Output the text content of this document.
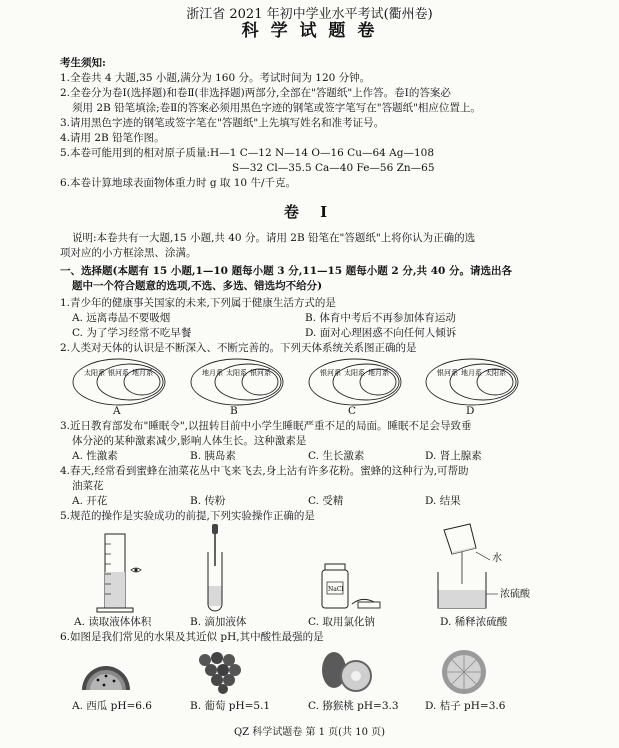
浙江省 2021 年初中学业水平考试(衢州卷)
科 学 试 题 卷
考生须知:
1.全卷共 4 大题,35 小题,满分为 160 分。考试时间为 120 分钟。
2.全卷分为卷Ⅰ(选择题)和卷Ⅱ(非选择题)两部分,全部在"答题纸"上作答。卷Ⅰ的答案必
须用 2B 铅笔填涂;卷Ⅱ的答案必须用黑色字迹的钢笔或签字笔写在"答题纸"相应位置上。
3.请用黑色字迹的钢笔或签字笔在"答题纸"上先填写姓名和准考证号。
4.请用 2B 铅笔作图。
5.本卷可能用到的相对原子质量:H—1 C—12 N—14 O—16 Cu—64 Ag—108
S—32 Cl—35.5 Ca—40 Fe—56 Zn—65
6.本卷计算地球表面物体重力时 g 取 10 牛/千克。
卷 Ⅰ
说明:本卷共有一大题,15 小题,共 40 分。请用 2B 铅笔在"答题纸"上将你认为正确的选
项对应的小方框涂黑、涂满。
一、选择题(本题有 15 小题,1—10 题每小题 3 分,11—15 题每小题 2 分,共 40 分。请选出各
题中一个符合题意的选项,不选、多选、错选均不给分)
1.青少年的健康事关国家的未来,下列属于健康生活方式的是
A. 远离毒品不要吸烟	B. 体育中考后不再参加体育运动
C. 为了学习经常不吃早餐	D. 面对心理困惑不向任何人倾诉
2.人类对天体的认识是不断深入、不断完善的。下列天体系统关系图正确的是
太阳系 银河系 地月系	地月系 太阳系 银河系	银河系 太阳系 地月系	银河系 地月系 太阳系
A	B	C	D
3.近日教育部发布"睡眠令",以扭转目前中小学生睡眠严重不足的局面。睡眠不足会导致垂
体分泌的某种激素减少,影响人体生长。这种激素是
A. 性激素	B. 胰岛素	C. 生长激素	D. 肾上腺素
4.春天,经常看到蜜蜂在油菜花丛中飞来飞去,身上沾有许多花粉。蜜蜂的这种行为,可帮助
油菜花
A. 开花	B. 传粉	C. 受精	D. 结果
5.规范的操作是实验成功的前提,下列实验操作正确的是
NaCl
水
浓硫酸
A. 读取液体体积	B. 滴加液体	C. 取用氯化钠	D. 稀释浓硫酸
6.如图是我们常见的水果及其近似 pH,其中酸性最强的是
A. 西瓜 pH=6.6	B. 葡萄 pH=5.1	C. 猕猴桃 pH=3.3	D. 桔子 pH=3.6
QZ 科学试题卷 第 1 页(共 10 页)
